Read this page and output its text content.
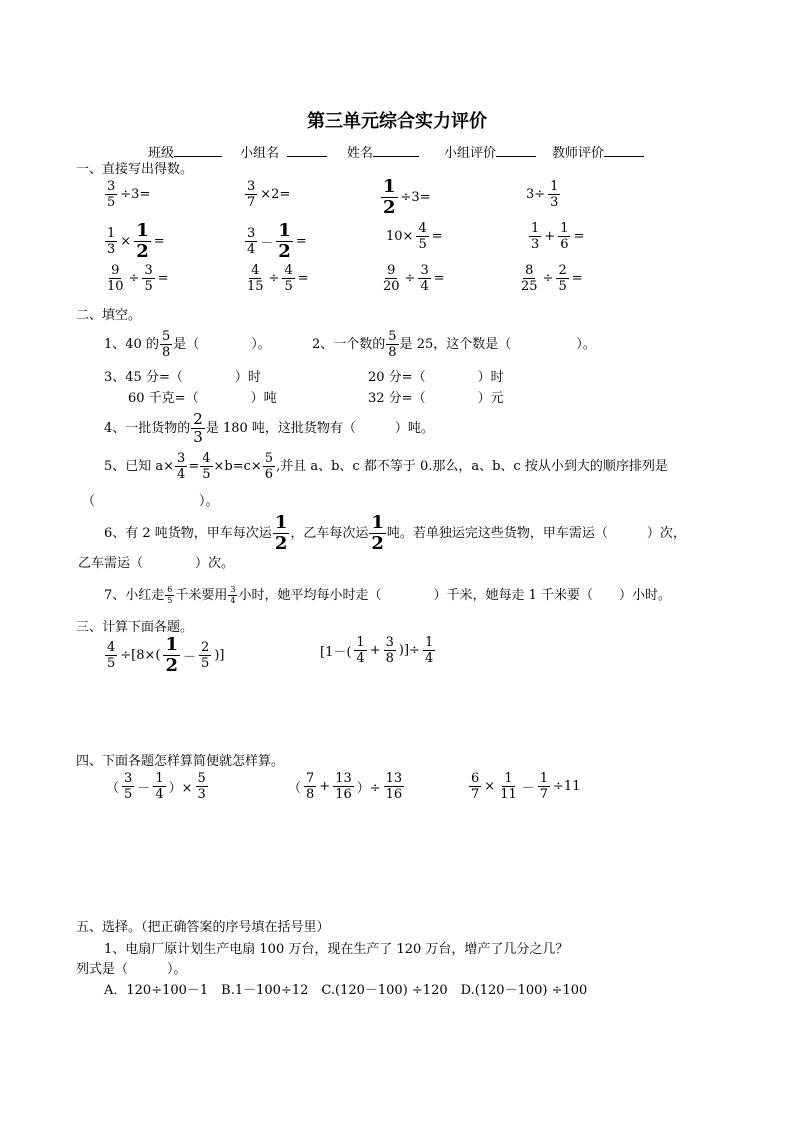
第三单元综合实力评价
班级	小组名	姓名	小组评价	教师评价
一、直接写出得数。
$\frac{3}{5} \div 3=$	$\frac{3}{7} \times 2=$	$\frac{1}{2} \div 3=$	$3\div \frac{1}{3}$
$\frac{1}{3} \times \frac{1}{2}$ =	$\frac{3}{4} - \frac{1}{2}$ =	$10\times \frac{4}{5}$ =	$\frac{1}{3} + \frac{1}{6}$ =
$\frac{9}{10} \div \frac{3}{5}$ =	$\frac{4}{15} \div \frac{4}{5}$ =	$\frac{9}{20} \div \frac{3}{4}$ =	$\frac{8}{25} \div \frac{2}{5}$ =
二、填空。
1、40 的 $\frac{5}{8}$ 是（　　　　）。	2、一个数的 $\frac{5}{8}$ 是 25，这个数是（　　　　　）。
3、45 分=（　　　　）时	20 分=（　　　　）时
60 千克=（　　　　）吨	32 分=（　　　　）元
4、一批货物的 $\frac{2}{3}$ 是 180 吨，这批货物有（　　　）吨。
5、已知 $a\times \frac{3}{4} = \frac{4}{5} \times b=c\times \frac{5}{6}$ ,并且 a、b、c 都不等于 0.那么，a、b、c 按从小到大的顺序排列是
（　　　　　　　　）。
6、有 2 吨货物，甲车每次运 $\frac{1}{2}$ ，乙车每次运 $\frac{1}{2}$ 吨。若单独运完这些货物，甲车需运（　　　）次，
乙车需运（　　　　）次。
7、小红走 $\frac{6}{5}$ 千米要用 $\frac{3}{4}$ 小时，她平均每小时走（　　　　）千米，她每走 1 千米要（　　）小时。
三、计算下面各题。
$\frac{4}{5} \div[8\times( \frac{1}{2} - \frac{2}{5}$ )]	[$1-( \frac{1}{4} + \frac{3}{8}$ )]÷ $\frac{1}{4}$
四、下面各题怎样算简便就怎样算。
（ $\frac{3}{5} - \frac{1}{4}$ ）× $\frac{5}{3}$	（ $\frac{7}{8} + \frac{13}{16}$ ）÷ $\frac{13}{16}$	$\frac{6}{7} \times \frac{1}{11} - \frac{1}{7} \div 11$
五、选择。（把正确答案的序号填在括号里）
1、电扇厂原计划生产电扇 100 万台，现在生产了 120 万台，增产了几分之几？
列式是（　　　）。
A．120÷100－1　B.1－100÷12　C.(120－100) ÷120　D.(120－100) ÷100
